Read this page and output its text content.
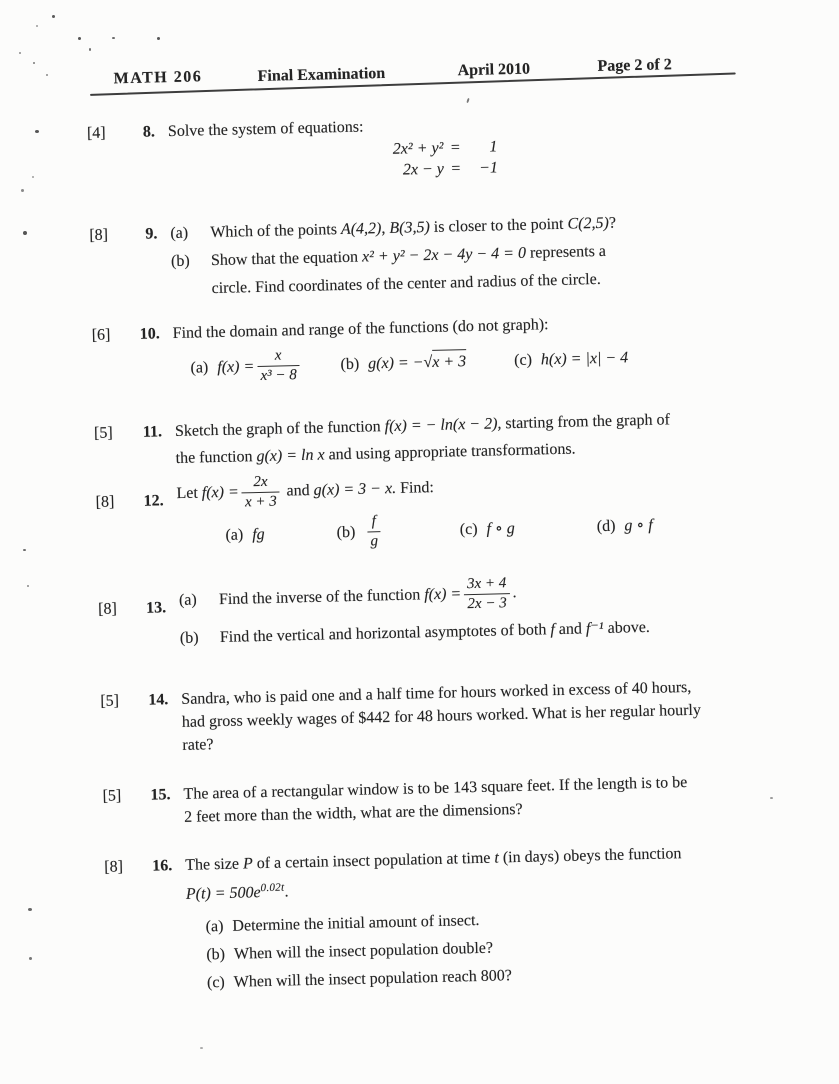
MATH 206	Final Examination	April 2010	Page 2 of 2
[4]	8. Solve the system of equations:
2x² + y² =	1
2x − y =	−1
[8]	9. (a)	Which of the points A(4,2), B(3,5) is closer to the point C(2,5)?
(b)	Show that the equation x² + y² − 2x − 4y − 4 = 0 represents a
circle. Find coordinates of the center and radius of the circle.
[6]	10. Find the domain and range of the functions (do not graph):
(a) $f(x) = \frac{x}{\text{x³ − 8}}$	(b) g(x) = −√ x + 3	(c) h(x) = |x| − 4
[5]	11. Sketch the graph of the function f(x) = − ln(x − 2), starting from the graph of
the function g(x) = ln x and using appropriate transformations.
[8]	12. Let $f(x) = \frac{2x}{x + 3}$ and g(x) = 3 − x. Find:
(a) fg	$(b) \frac{f}{g}$	(c) f ∘ g	(d) g ∘ f
[8]	13. (a) Find the inverse of the function $f(x) = \frac{3x + 4}{2x - 3}$ .
(b) Find the vertical and horizontal asymptotes of both f and f⁻¹ above.
[5]	14. Sandra, who is paid one and a half time for hours worked in excess of 40 hours,
had gross weekly wages of $442 for 48 hours worked. What is her regular hourly
rate?
[5]	15. The area of a rectangular window is to be 143 square feet. If the length is to be
2 feet more than the width, what are the dimensions?
[8]	16. The size P of a certain insect population at time t (in days) obeys the function
$P(t) = 500e^{0.02t}$.
(a) Determine the initial amount of insect.
(b) When will the insect population double?
(c) When will the insect population reach 800?
